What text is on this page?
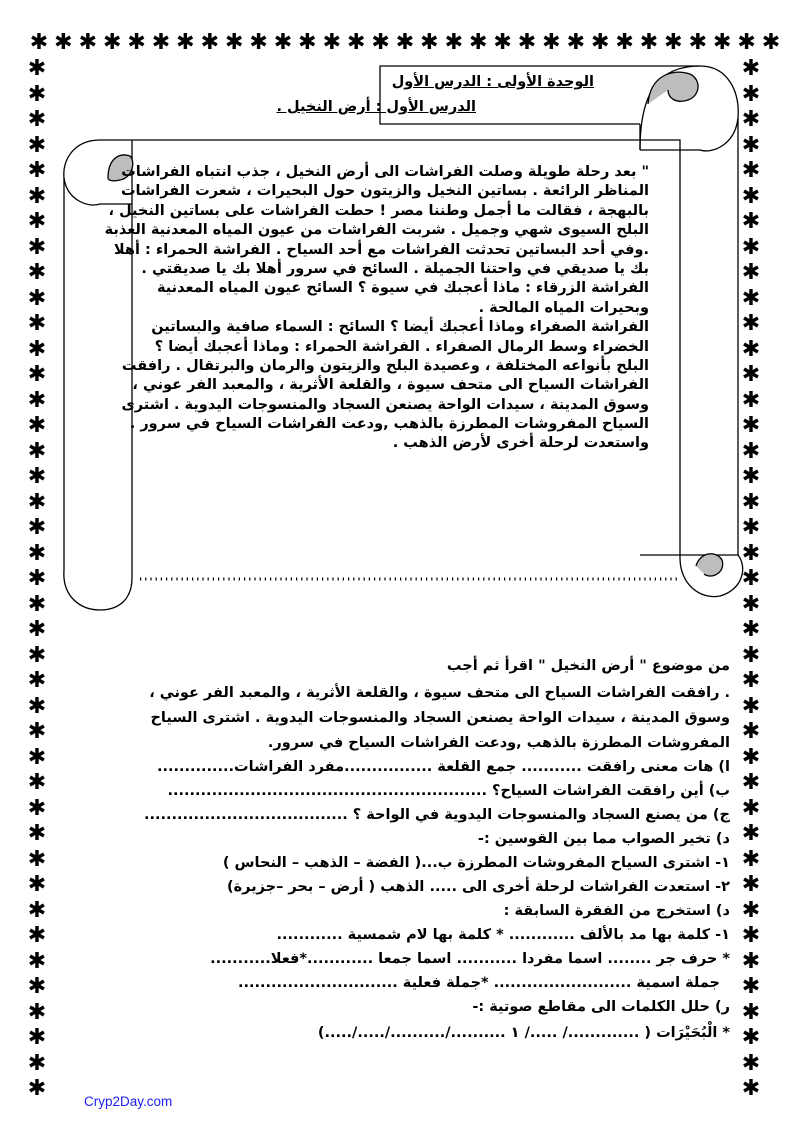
✱ ✱ ✱ ✱ ✱ ✱ ✱ ✱ ✱ ✱ ✱ ✱ ✱ ✱ ✱ ✱ ✱ ✱ ✱ ✱ ✱ ✱ ✱ ✱ ✱ ✱ ✱ ✱ ✱ ✱ ✱
✱	✱
✱	✱
✱	✱
✱	✱
✱	✱
✱	✱
✱	✱
✱	✱
✱	✱
✱	✱
✱	✱
✱	✱
✱	✱
✱	✱
✱	✱
✱	✱
✱	✱
✱	✱
✱	✱
✱	✱
✱	✱
✱	✱
✱	✱
✱	✱
✱	✱
✱	✱
✱	✱
✱	✱
✱	✱
✱	✱
✱	✱
✱	✱
✱	✱
✱	✱
✱	✱
✱	✱
✱	✱
✱	✱
✱	✱
✱	✱
✱	✱
الوحدة الأولى : الدرس الأول
الدرس الأول : أرض النخيل .
" بعد رحلة طويلة وصلت الفراشات الى أرض النخيل ، جذب انتباه الفراشات
المناظر الرائعة . بساتين النخيل والزيتون حول البحيرات ، شعرت الفراشات
بالبهجة ، فقالت ما أجمل وطننا مصر ! حطت الفراشات على بساتين النخيل ،
البلح السيوى شهي وجميل . شربت الفراشات من عيون المياه المعدنية العذبة
.وفي أحد البساتين تحدثت الفراشات مع أحد السياح . الفراشة الحمراء : أهلا
بك يا صديقي في واحتنا الجميلة . السائح في سرور أهلا بك يا صديقتي .
الفراشة الزرقاء : ماذا أعجبك في سيوة ؟ السائح عيون المياه المعدنية
وبحيرات المياه المالحة .
الفراشة الصفراء وماذا أعجبك أيضا ؟ السائح : السماء صافية والبساتين
الخضراء وسط الرمال الصفراء . الفراشة الحمراء : وماذا أعجبك أيضا ؟
البلح بأنواعه المختلفة ، وعصيدة البلح والزيتون والرمان والبرتقال . رافقت
الفراشات السياح الى متحف سيوة ، والقلعة الأثرية ، والمعبد الفر عوني ،
وسوق المدينة ، سيدات الواحة يصنعن السجاد والمنسوجات اليدوية . اشترى
السياح المفروشات المطرزة بالذهب ,ودعت الفراشات السياح في سرور .
واستعدت لرحلة أخرى لأرض الذهب .
من موضوع " أرض النخيل " اقرأ ثم أجب
. رافقت الفراشات السياح الى متحف سيوة ، والقلعة الأثرية ، والمعبد الفر عوني ،
وسوق المدينة ، سيدات الواحة يصنعن السجاد والمنسوجات اليدوية . اشترى السياح
المفروشات المطرزة بالذهب ,ودعت الفراشات السياح في سرور.
ا) هات معنى رافقت ........... جمع القلعة ................مفرد الفراشات..............
ب) أين رافقت الفراشات السياح؟ ..........................................................
ج) من يصنع السجاد والمنسوجات اليدوية في الواحة ؟ .....................................
د) تخير الصواب مما بين القوسين :-
١- اشترى السياح المفروشات المطرزة ب...( الفضة – الذهب – النحاس )
٢- استعدت الفراشات لرحلة أخرى الى ..... الذهب ( أرض – بحر –جزيرة)
د) استخرج من الفقرة السابقة :
١- كلمة بها مد بالألف ............ * كلمة بها لام شمسية ............
* حرف جر ........ اسما مفردا ........... اسما جمعا ............*فعلا...........
جملة اسمية ......................... *جملة فعلية .............................
ر) حلل الكلمات الى مقاطع صوتية :-
* الْبُحَيْرَات ( ............./ ...../ ١ ........../........../...../.....)
Cryp2Day.com
